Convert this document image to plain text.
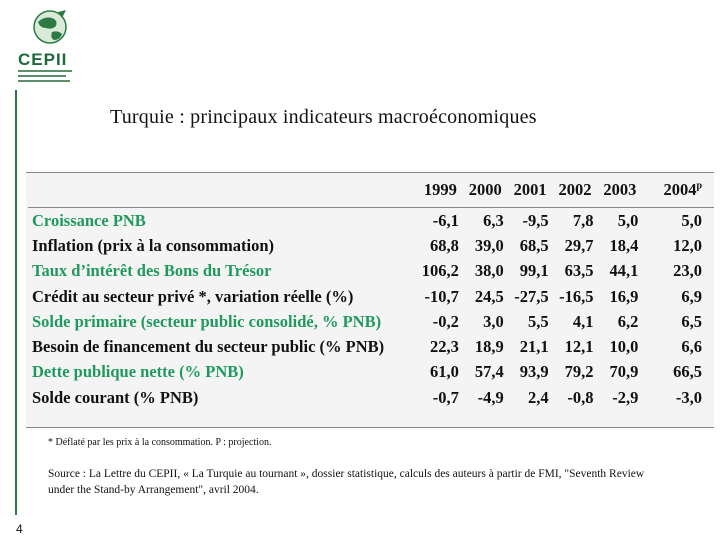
CEPII
Turquie : principaux indicateurs macroéconomiques
	1999	2000	2001	2002	2003	2004$^p$
Croissance PNB	-6,1	6,3	-9,5	7,8	5,0	5,0
Inflation (prix à la consommation)	68,8	39,0	68,5	29,7	18,4	12,0
Taux d’intérêt des Bons du Trésor	106,2	38,0	99,1	63,5	44,1	23,0
Crédit au secteur privé *, variation réelle (%)	-10,7	24,5	-27,5	-16,5	16,9	6,9
Solde primaire (secteur public consolidé, % PNB)	-0,2	3,0	5,5	4,1	6,2	6,5
Besoin de financement du secteur public (% PNB)	22,3	18,9	21,1	12,1	10,0	6,6
Dette publique nette (% PNB)	61,0	57,4	93,9	79,2	70,9	66,5
Solde courant (% PNB)	-0,7	-4,9	2,4	-0,8	-2,9	-3,0
* Déflaté par les prix à la consommation. P : projection.
Source : La Lettre du CEPII, « La Turquie au tournant », dossier statistique, calculs des auteurs à partir de FMI, "Seventh Review under the Stand-by Arrangement", avril 2004.
4
